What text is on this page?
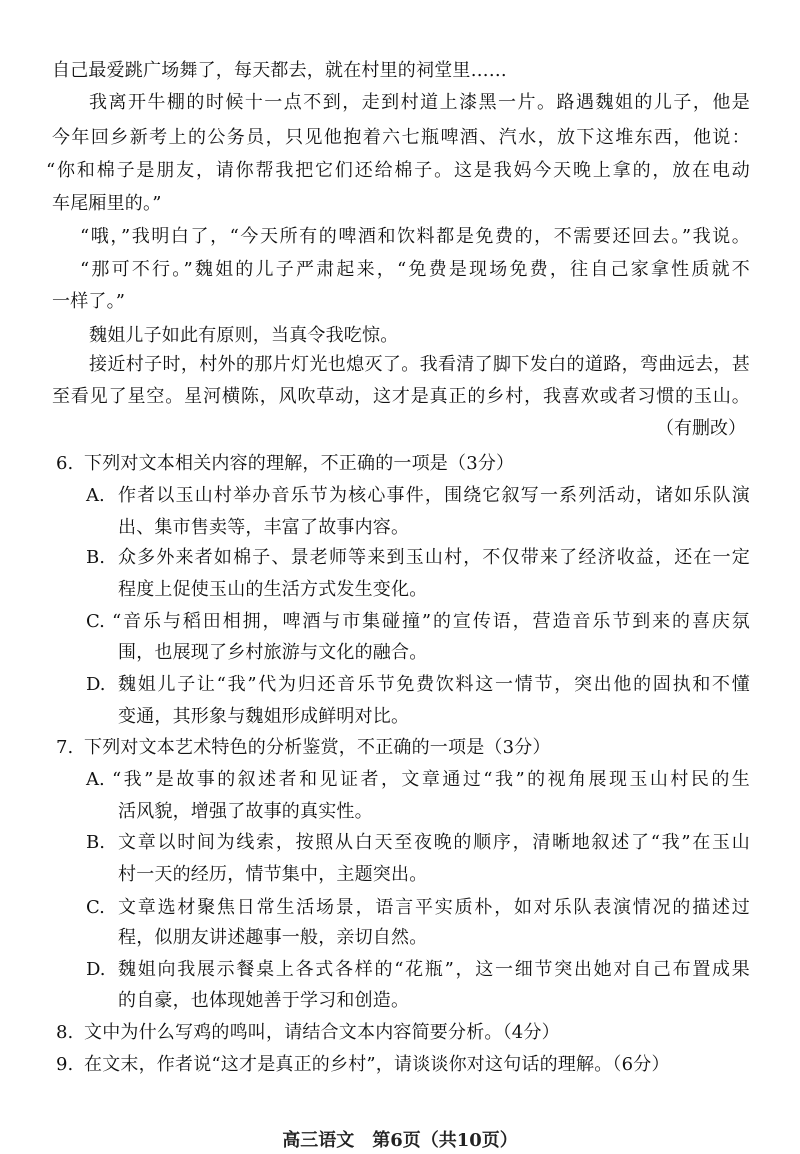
自己最爱跳广场舞了，每天都去，就在村里的祠堂里……

我离开牛棚的时候十一点不到，走到村道上漆黑一片。路遇魏姐的儿子，他是

今年回乡新考上的公务员，只见他抱着六七瓶啤酒、汽水，放下这堆东西，他说：

“你和棉子是朋友，请你帮我把它们还给棉子。这是我妈今天晚上拿的，放在电动

车尾厢里的。”

“哦，”我明白了，“今天所有的啤酒和饮料都是免费的，不需要还回去。”我说。

“那可不行。”魏姐的儿子严肃起来，“免费是现场免费，往自己家拿性质就不

一样了。”

魏姐儿子如此有原则，当真令我吃惊。

接近村子时，村外的那片灯光也熄灭了。我看清了脚下发白的道路，弯曲远去，甚

至看见了星空。星河横陈，风吹草动，这才是真正的乡村，我喜欢或者习惯的玉山。

（有删改）

6. 下列对文本相关内容的理解，不正确的一项是（3分）

A. 作者以玉山村举办音乐节为核心事件，围绕它叙写一系列活动，诸如乐队演

出、集市售卖等，丰富了故事内容。

B. 众多外来者如棉子、景老师等来到玉山村，不仅带来了经济收益，还在一定

程度上促使玉山的生活方式发生变化。

C. “音乐与稻田相拥，啤酒与市集碰撞”的宣传语，营造音乐节到来的喜庆氛

围，也展现了乡村旅游与文化的融合。

D. 魏姐儿子让“我”代为归还音乐节免费饮料这一情节，突出他的固执和不懂

变通，其形象与魏姐形成鲜明对比。

7. 下列对文本艺术特色的分析鉴赏，不正确的一项是（3分）

A. “我”是故事的叙述者和见证者，文章通过“我”的视角展现玉山村民的生

活风貌，增强了故事的真实性。

B. 文章以时间为线索，按照从白天至夜晚的顺序，清晰地叙述了“我”在玉山

村一天的经历，情节集中，主题突出。

C. 文章选材聚焦日常生活场景，语言平实质朴，如对乐队表演情况的描述过

程，似朋友讲述趣事一般，亲切自然。

D. 魏姐向我展示餐桌上各式各样的“花瓶”，这一细节突出她对自己布置成果

的自豪，也体现她善于学习和创造。

8. 文中为什么写鸡的鸣叫，请结合文本内容简要分析。（4分）

9. 在文末，作者说“这才是真正的乡村”，请谈谈你对这句话的理解。（6分）

高三语文　第6页（共10页）
